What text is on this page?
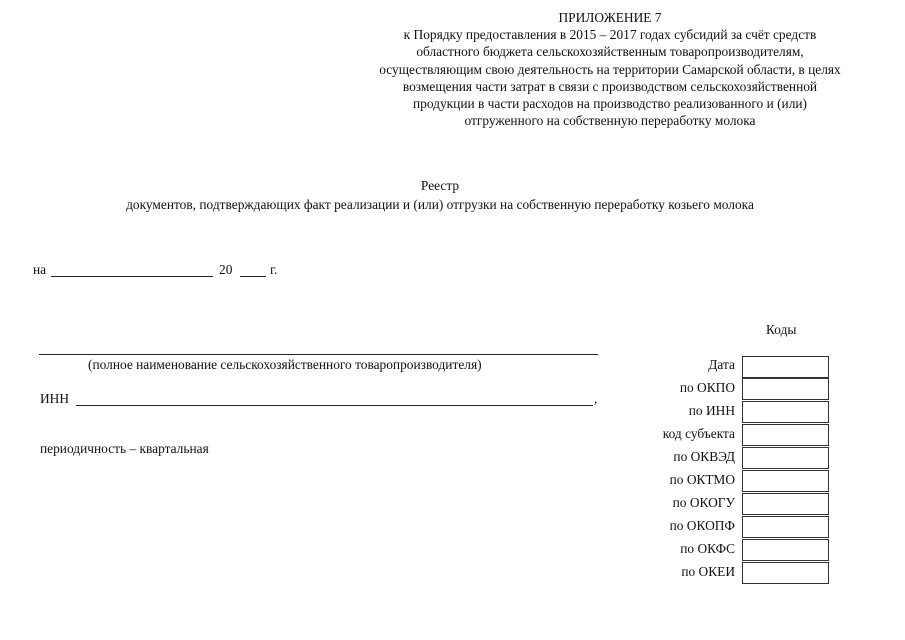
ПРИЛОЖЕНИЕ 7
к Порядку предоставления в 2015 – 2017 годах субсидий за счёт средств
областного бюджета сельскохозяйственным товаропроизводителям,
осуществляющим свою деятельность на территории Самарской области, в целях
возмещения части затрат в связи с производством сельскохозяйственной
продукции в части расходов на производство реализованного и (или)
отгруженного на собственную переработку молока
Реестр
документов, подтверждающих факт реализации и (или) отгрузки на собственную переработку козьего молока
на	20	г.
(полное наименование сельскохозяйственного товаропроизводителя)
ИНН	,
периодичность – квартальная
Коды
Дата
по ОКПО
по ИНН
код субъекта
по ОКВЭД
по ОКТМО
по ОКОГУ
по ОКОПФ
по ОКФС
по ОКЕИ
